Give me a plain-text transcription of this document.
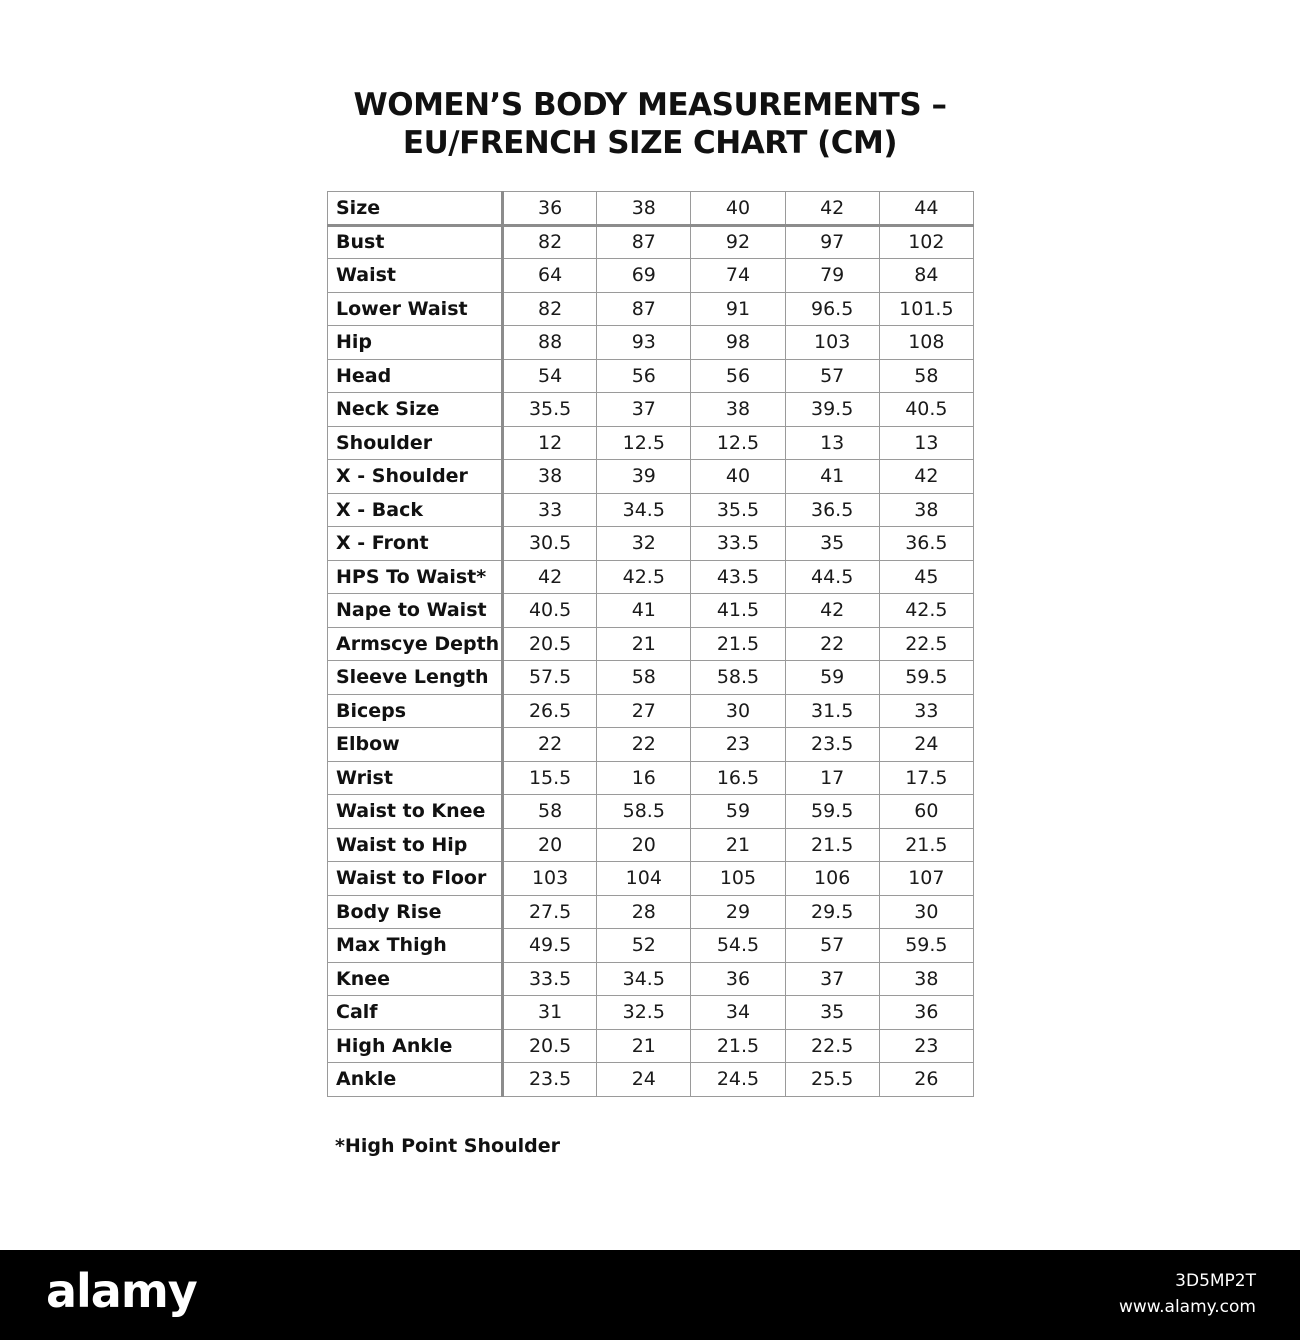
WOMEN’S BODY MEASUREMENTS –
EU/FRENCH SIZE CHART (CM)
Size	36	38	40	42	44
Bust	82	87	92	97	102
Waist	64	69	74	79	84
Lower Waist	82	87	91	96.5	101.5
Hip	88	93	98	103	108
Head	54	56	56	57	58
Neck Size	35.5	37	38	39.5	40.5
Shoulder	12	12.5	12.5	13	13
X - Shoulder	38	39	40	41	42
X - Back	33	34.5	35.5	36.5	38
X - Front	30.5	32	33.5	35	36.5
HPS To Waist*	42	42.5	43.5	44.5	45
Nape to Waist	40.5	41	41.5	42	42.5
Armscye Depth	20.5	21	21.5	22	22.5
Sleeve Length	57.5	58	58.5	59	59.5
Biceps	26.5	27	30	31.5	33
Elbow	22	22	23	23.5	24
Wrist	15.5	16	16.5	17	17.5
Waist to Knee	58	58.5	59	59.5	60
Waist to Hip	20	20	21	21.5	21.5
Waist to Floor	103	104	105	106	107
Body Rise	27.5	28	29	29.5	30
Max Thigh	49.5	52	54.5	57	59.5
Knee	33.5	34.5	36	37	38
Calf	31	32.5	34	35	36
High Ankle	20.5	21	21.5	22.5	23
Ankle	23.5	24	24.5	25.5	26
*High Point Shoulder
alamy	3D5MP2T
www.alamy.com
